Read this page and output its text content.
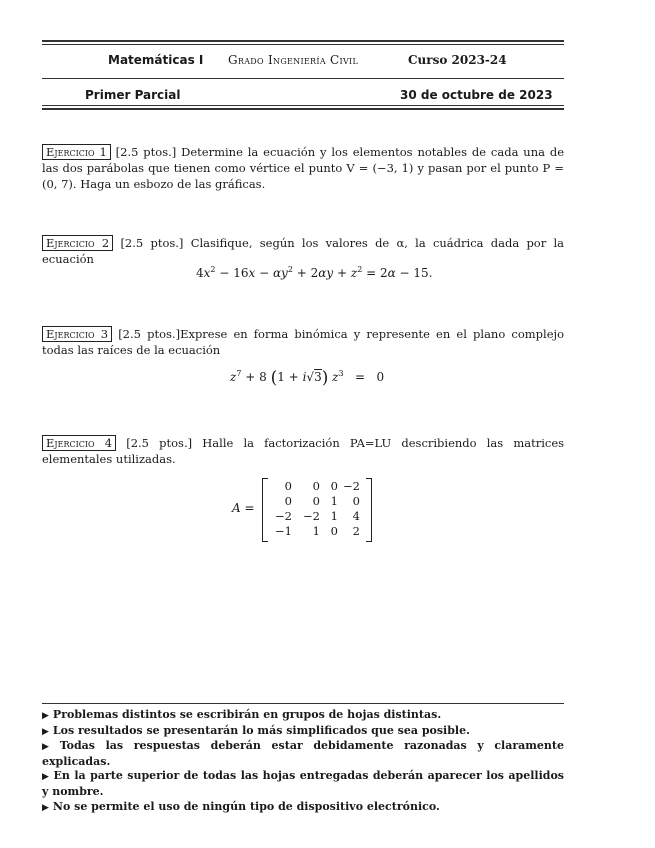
Matemáticas I Grado Ingeniería Civil	Curso 2023-24
Primer Parcial	30 de octubre de 2023
Ejercicio 1 [2.5 ptos.] Determine la ecuación y los elementos notables de cada una de las dos parábolas que tienen como vértice el punto V = (−3, 1) y pasan por el punto P = (0, 7). Haga un esbozo de las gráficas.
Ejercicio 2 [2.5 ptos.] Clasifique, según los valores de α, la cuádrica dada por la ecuación
$4x^2 - 16x - \alpha y^2 + 2\alpha y + z^2 = 2\alpha - 15$.
Ejercicio 3 [2.5 ptos.]Exprese en forma binómica y represente en el plano complejo todas las raíces de la ecuación
$z^7 + 8$ (1 + i√3) $z^3 = 0$
Ejercicio 4 [2.5 ptos.] Halle la factorización PA=LU describiendo las matrices elementales utilizadas.
A =
0	0 0 −2
0	0 1	0
−2 −2 1	4
−1	1 0	2

▶ Problemas distintos se escribirán en grupos de hojas distintas.

▶ Los resultados se presentarán lo más simplificados que sea posible.

▶ Todas las respuestas deberán estar debidamente razonadas y claramente explicadas.

▶ En la parte superior de todas las hojas entregadas deberán aparecer los apellidos y nombre.

▶ No se permite el uso de ningún tipo de dispositivo electrónico.
